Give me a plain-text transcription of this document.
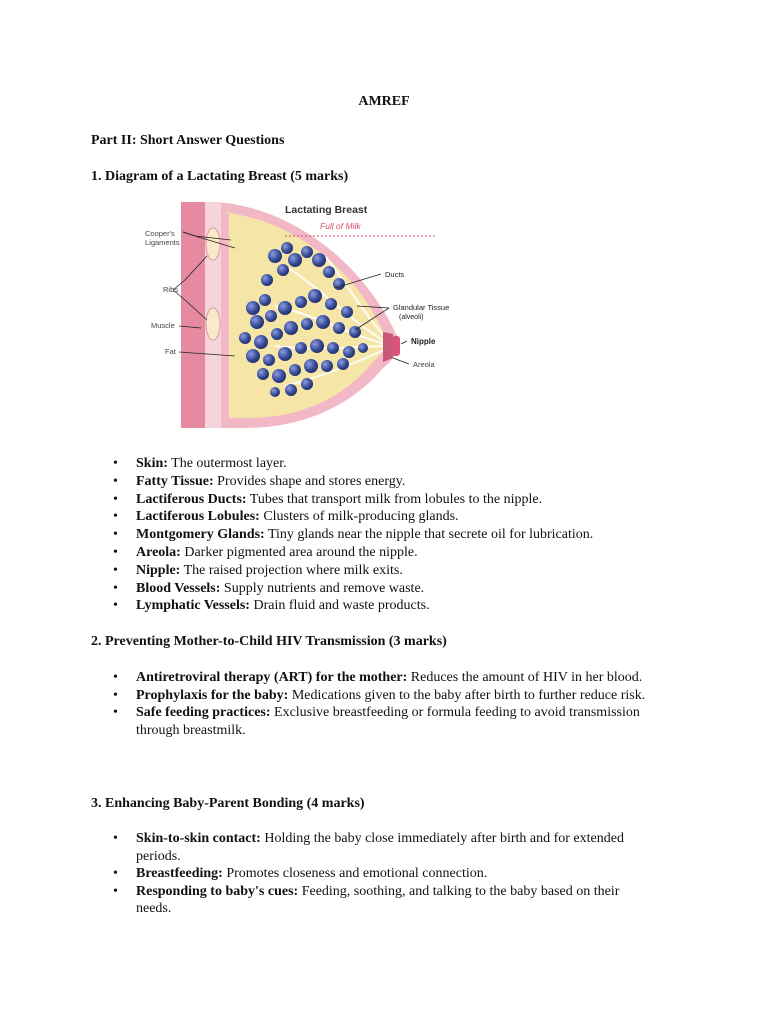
AMREF
Part II: Short Answer Questions
1. Diagram of a Lactating Breast (5 marks)
Lactating Breast
Full of Milk
Cooper's
Ligaments
Ribs
Muscle
Fat
Ducts
Glandular Tissue
(alveoli)
Nipple
Areola
• Skin: The outermost layer.
• Fatty Tissue: Provides shape and stores energy.
• Lactiferous Ducts: Tubes that transport milk from lobules to the nipple.
• Lactiferous Lobules: Clusters of milk-producing glands.
• Montgomery Glands: Tiny glands near the nipple that secrete oil for lubrication.
• Areola: Darker pigmented area around the nipple.
• Nipple: The raised projection where milk exits.
• Blood Vessels: Supply nutrients and remove waste.
• Lymphatic Vessels: Drain fluid and waste products.
2. Preventing Mother-to-Child HIV Transmission (3 marks)
• Antiretroviral therapy (ART) for the mother: Reduces the amount of HIV in her blood.
• Prophylaxis for the baby: Medications given to the baby after birth to further reduce risk.
• Safe feeding practices: Exclusive breastfeeding or formula feeding to avoid transmission through breastmilk.
3. Enhancing Baby-Parent Bonding (4 marks)
• Skin-to-skin contact: Holding the baby close immediately after birth and for extended periods.
• Breastfeeding: Promotes closeness and emotional connection.
• Responding to baby's cues: Feeding, soothing, and talking to the baby based on their needs.
